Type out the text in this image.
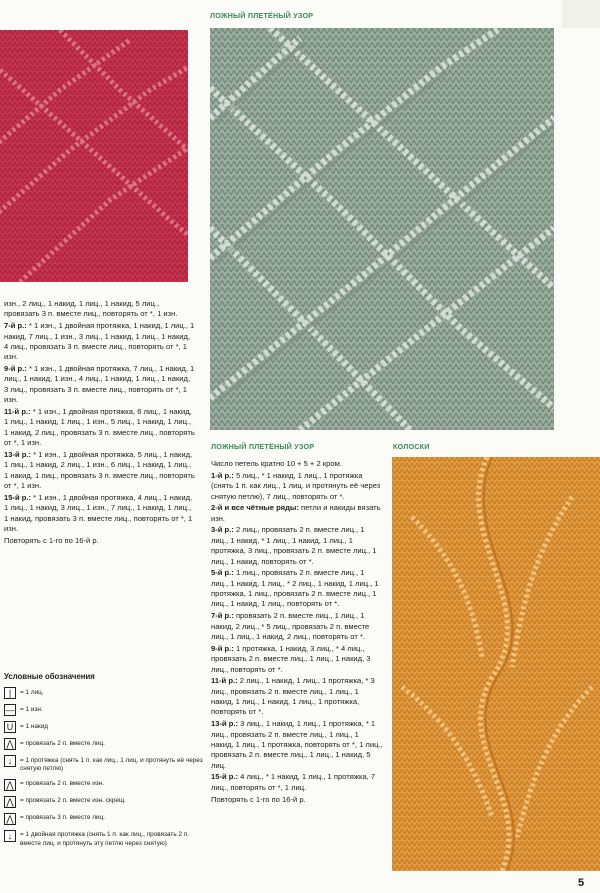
ЛОЖНЫЙ ПЛЕТЁНЫЙ УЗОР
ЛОЖНЫЙ ПЛЕТЁНЫЙ УЗОР	КОЛОСКИ

изн., 2 лиц., 1 накид, 1 лиц., 1 накид, 5 лиц., провязать 3 п. вместе лиц., повторять от *, 1 изн.

7-й р.: * 1 изн., 1 двойная протяжка, 1 накид, 1 лиц., 1 накид, 7 лиц., 1 изн., 3 лиц., 1 накид, 1 лиц., 1 накид, 4 лиц., провязать 3 п. вместе лиц., повторять от *, 1 изн.

9-й р.: * 1 изн., 1 двойная протяжка, 7 лиц., 1 накид, 1 лиц., 1 накид, 1 изн., 4 лиц., 1 накид, 1 лиц., 1 накид, 3 лиц., провязать 3 п. вместе лиц., повторять от *, 1 изн.

11-й р.: * 1 изн., 1 двойная протяжка, 6 лиц., 1 накид, 1 лиц., 1 накид, 1 лиц., 1 изн., 5 лиц., 1 накид, 1 лиц., 1 накид, 2 лиц., провязать 3 п. вместе лиц., повторять от *, 1 изн.

13-й р.: * 1 изн., 1 двойная протяжка, 5 лиц., 1 накид, 1 лиц., 1 накид, 2 лиц., 1 изн., 6 лиц., 1 накид, 1 лиц., 1 накид, 1 лиц., провязать 3 п. вместе лиц., повторять от *, 1 изн.

15-й р.: * 1 изн., 1 двойная протяжка, 4 лиц., 1 накид, 1 лиц., 1 накид, 3 лиц., 1 изн., 7 лиц., 1 накид, 1 лиц., 1 накид, провязать 3 п. вместе лиц., повторять от *, 1 изн.

Повторять с 1-го по 16-й р.

Условные обозначения
|	= 1 лиц.
— = 1 изн.
U	= 1 накид
⋀ = провязать 2 п. вместе лиц.
↓	= 1 протяжка (снять 1 п. как лиц., 1 лиц. и протянуть её через снятую петлю)
⋀ = провязать 2 п. вместе изн.
⋀ = провязать 2 п. вместе изн. скрещ.
⋀ = провязать 3 п. вместе лиц.
↓	= 1 двойная протяжка (снять 1 п. как лиц., провязать 2 п. вместе лиц. и протянуть эту петлю через снятую)

Число петель кратно 10 + 5 + 2 кром.

1-й р.: 5 лиц., * 1 накид, 1 лиц., 1 протяжка (снять 1 п. как лиц., 1 лиц. и протянуть её через снятую петлю), 7 лиц., повторять от *.

2-й и все чётные ряды: петли и накиды вязать изн.

3-й р.: 2 лиц., провязать 2 п. вместе лиц., 1 лиц., 1 накид, * 1 лиц., 1 накид, 1 лиц., 1 протяжка, 3 лиц., провязать 2 п. вместе лиц., 1 лиц., 1 накид, повторять от *.

5-й р.: 1 лиц., провязать 2 п. вместе лиц., 1 лиц., 1 накид, 1 лиц., * 2 лиц., 1 накид, 1 лиц., 1 протяжка, 1 лиц., провязать 2 п. вместе лиц., 1 лиц., 1 накид, 1 лиц., повторять от *.

7-й р.: провязать 2 п. вместе лиц., 1 лиц., 1 накид, 2 лиц., * 5 лиц., провязать 2 п. вместе лиц., 1 лиц., 1 накид, 2 лиц., повторять от *.

9-й р.: 1 протяжка, 1 накид, 3 лиц., * 4 лиц., провязать 2 п. вместе лиц., 1 лиц., 1 накид, 3 лиц., повторять от *.

11-й р.: 2 лиц., 1 накид, 1 лиц., 1 протяжка, * 3 лиц., провязать 2 п. вместе лиц., 1 лиц., 1 накид, 1 лиц., 1 накид, 1 лиц., 1 протяжка, повторять от *.

13-й р.: 3 лиц., 1 накид, 1 лиц., 1 протяжка, * 1 лиц., провязать 2 п. вместе лиц., 1 лиц., 1 накид, 1 лиц., 1 протяжка, повторять от *, 1 лиц., провязать 2 п. вместе лиц., 1 лиц., 1 накид, 5 лиц.

15-й р.: 4 лиц., * 1 накид, 1 лиц., 1 протяжка, 7 лиц., повторять от *, 1 лиц.

Повторять с 1-го по 16-й р.

5
